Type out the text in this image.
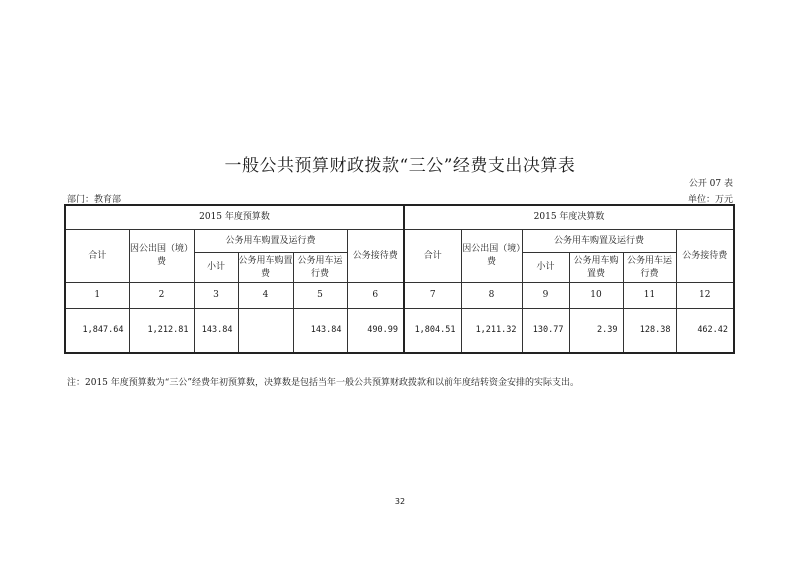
一般公共预算财政拨款“三公”经费支出决算表
公开 07 表
部门：教育部	单位：万元
2015 年度预算数						2015 年度决算数					
合计	因公出国（境）费	公务用车购置及运行费			公务接待费	合计	因公出国（境）费	公务用车购置及运行费			公务接待费
		小计	公务用车购置费	公务用车运行费				小计	公务用车购置费	公务用车运行费	
1	2	3	4	5	6	7	8	9	10	11	12
1,847.64	1,212.81	143.84		143.84	490.99	1,804.51	1,211.32	130.77	2.39	128.38	462.42
注：2015 年度预算数为“三公”经费年初预算数，决算数是包括当年一般公共预算财政拨款和以前年度结转资金安排的实际支出。
32
